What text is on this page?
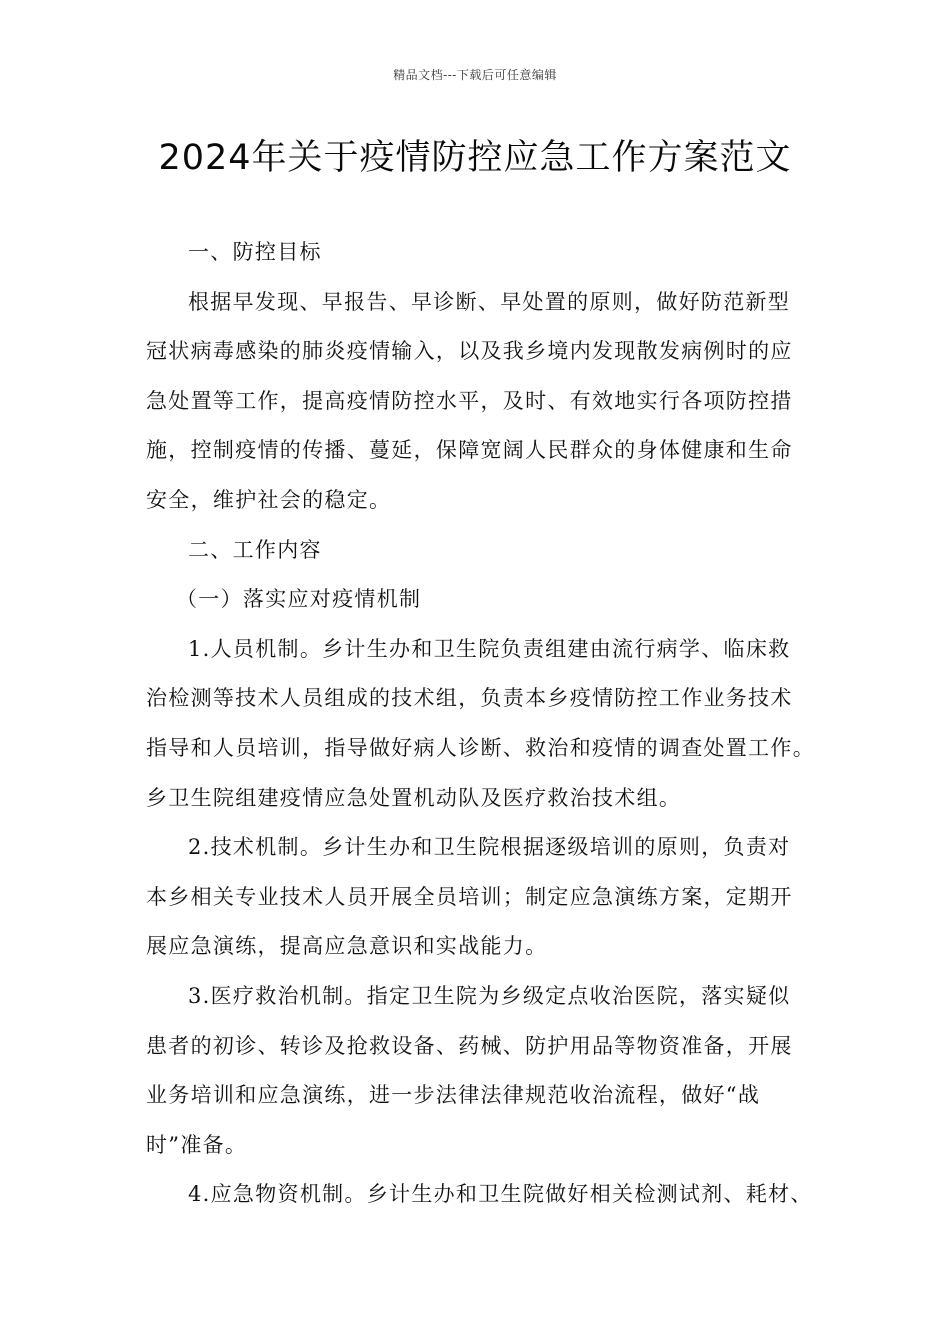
精品文档---下载后可任意编辑
2024年关于疫情防控应急工作方案范文
一、防控目标
根据早发现、早报告、早诊断、早处置的原则，做好防范新型
冠状病毒感染的肺炎疫情输入，以及我乡境内发现散发病例时的应
急处置等工作，提高疫情防控水平，及时、有效地实行各项防控措
施，控制疫情的传播、蔓延，保障宽阔人民群众的身体健康和生命
安全，维护社会的稳定。
二、工作内容
（一）落实应对疫情机制
1.人员机制。乡计生办和卫生院负责组建由流行病学、临床救
治检测等技术人员组成的技术组，负责本乡疫情防控工作业务技术
指导和人员培训，指导做好病人诊断、救治和疫情的调查处置工作。
乡卫生院组建疫情应急处置机动队及医疗救治技术组。
2.技术机制。乡计生办和卫生院根据逐级培训的原则，负责对
本乡相关专业技术人员开展全员培训；制定应急演练方案，定期开
展应急演练，提高应急意识和实战能力。
3.医疗救治机制。指定卫生院为乡级定点收治医院，落实疑似
患者的初诊、转诊及抢救设备、药械、防护用品等物资准备，开展
业务培训和应急演练，进一步法律法律规范收治流程，做好“战
时”准备。
4.应急物资机制。乡计生办和卫生院做好相关检测试剂、耗材、
